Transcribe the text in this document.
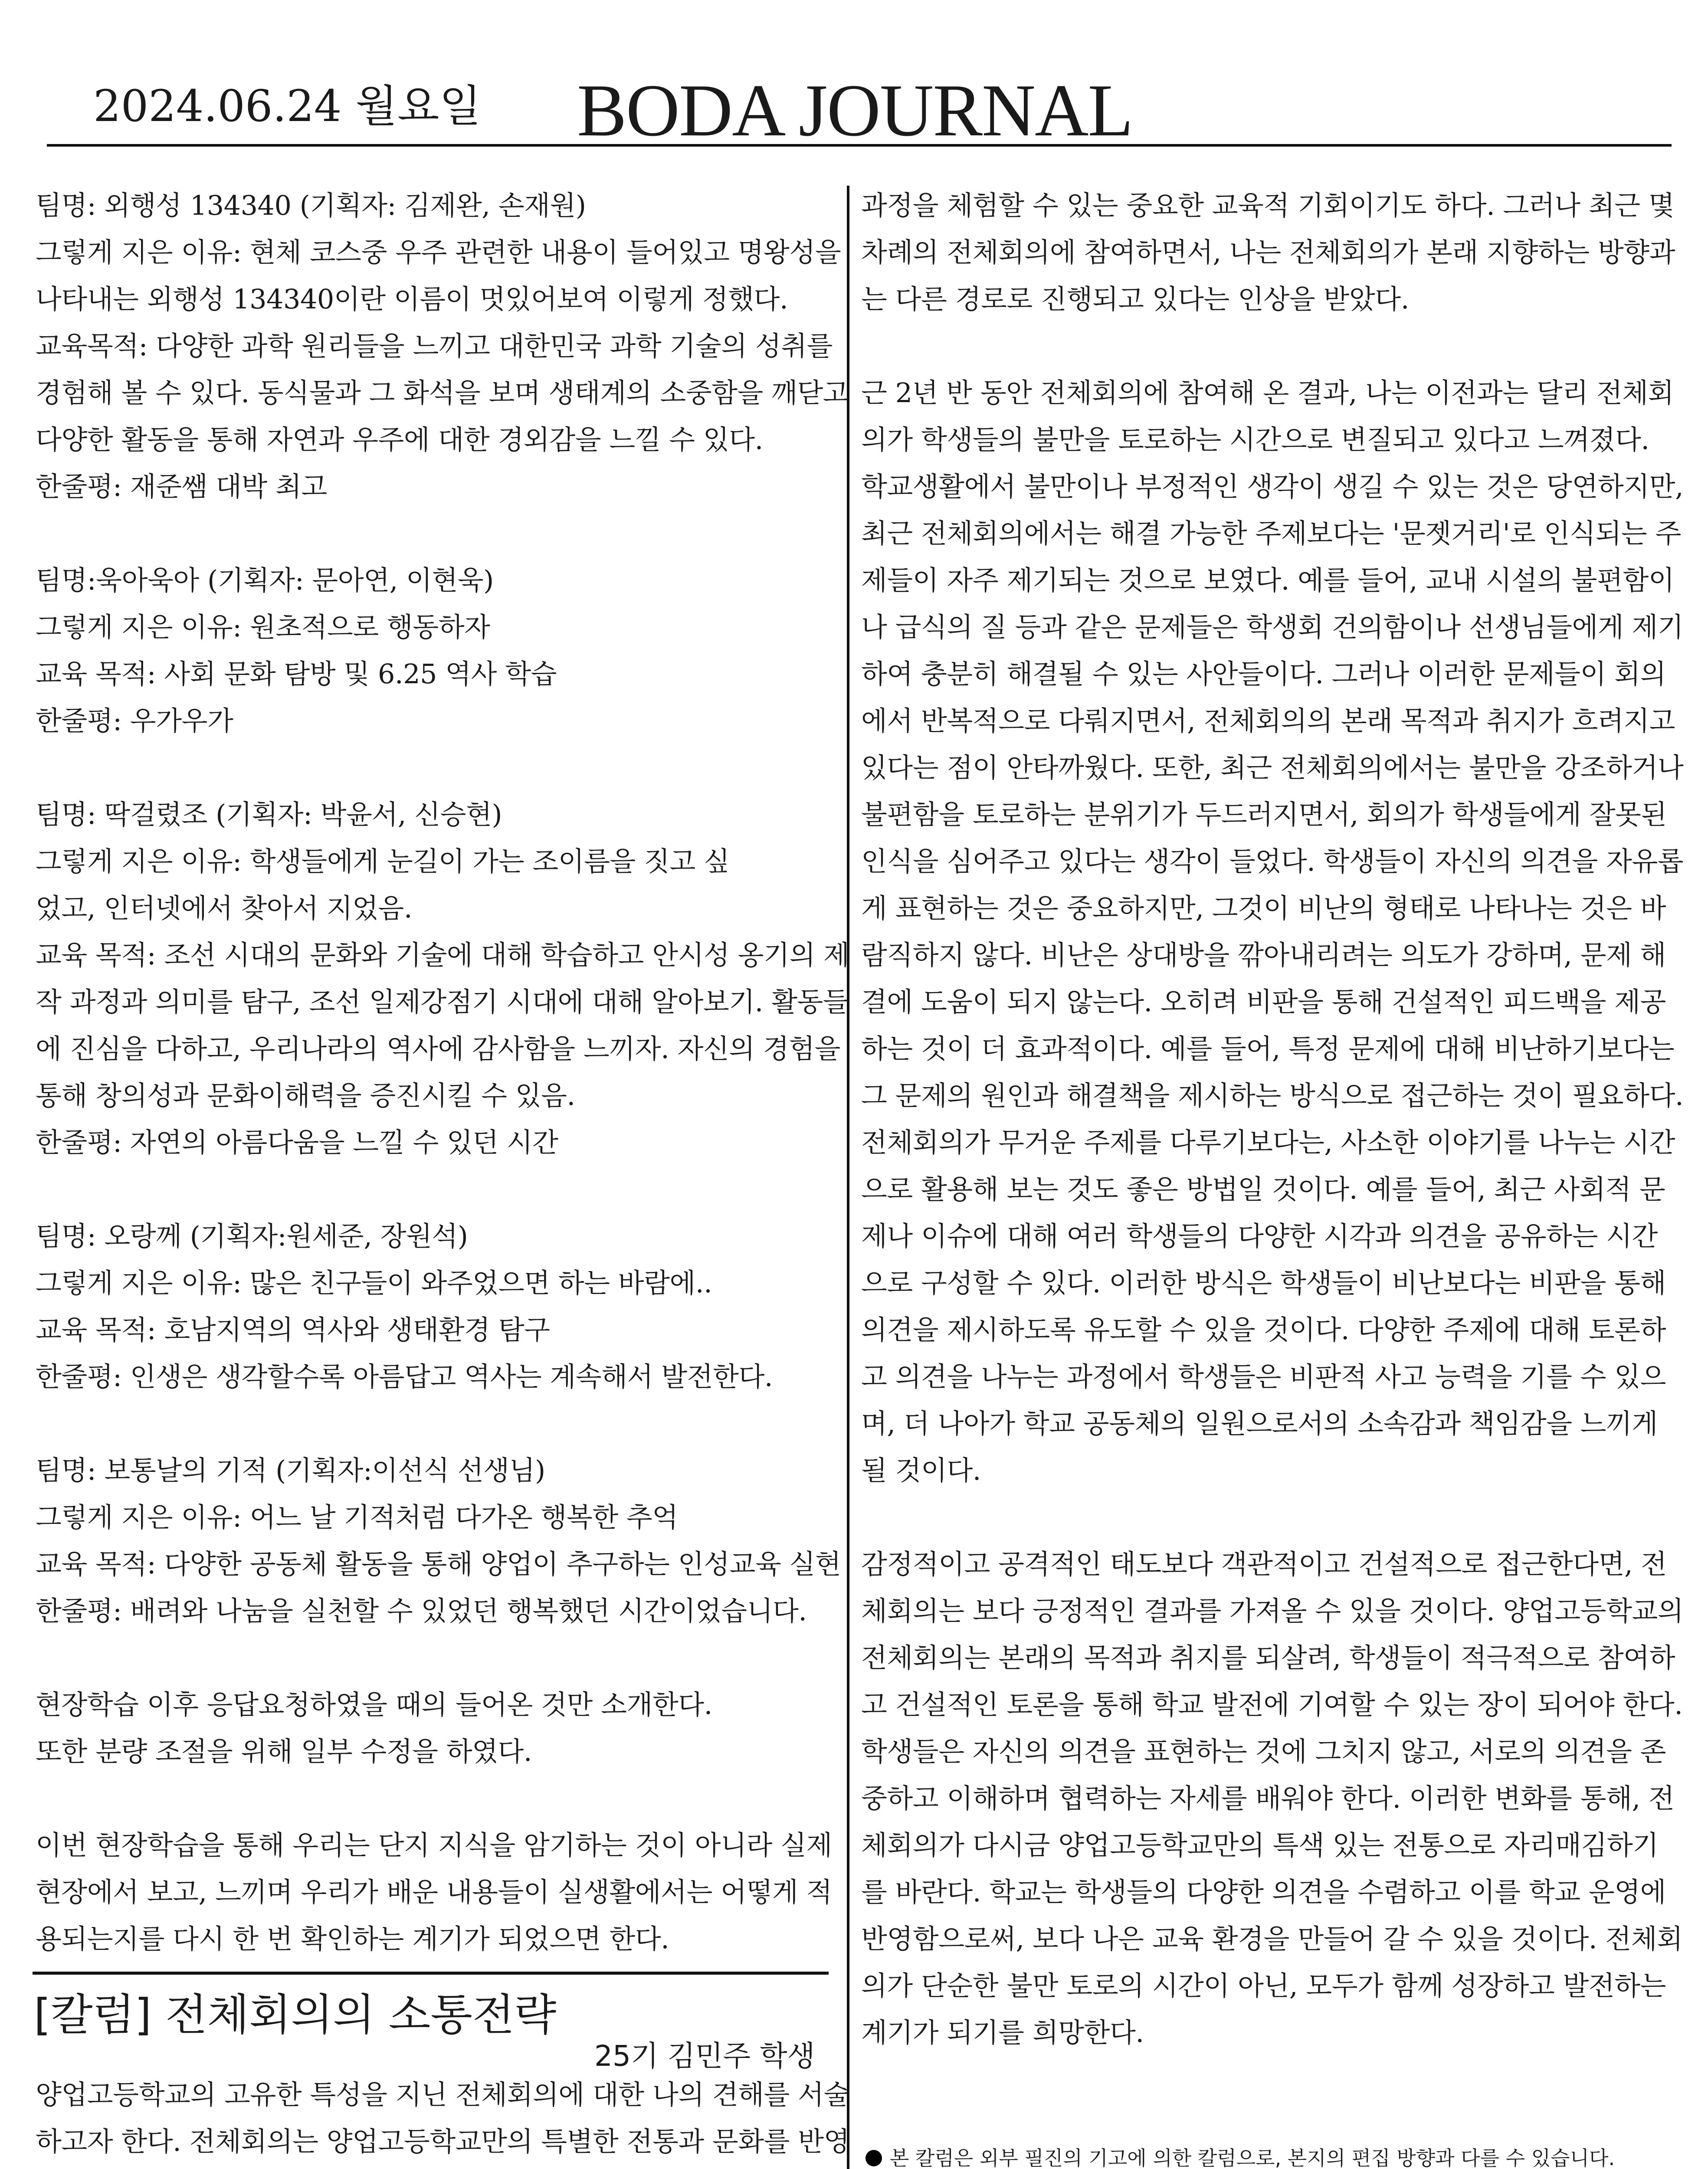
2024.06.24 월요일 BODA JOURNAL

팀명: 외행성 134340 (기획자: 김제완, 손재원)

그렇게 지은 이유: 현체 코스중 우주 관련한 내용이 들어있고 명왕성을

나타내는 외행성 134340이란 이름이 멋있어보여 이렇게 정했다.

교육목적: 다양한 과학 원리들을 느끼고 대한민국 과학 기술의 성취를

경험해 볼 수 있다. 동식물과 그 화석을 보며 생태계의 소중함을 깨닫고

다양한 활동을 통해 자연과 우주에 대한 경외감을 느낄 수 있다.

한줄평: 재준쌤 대박 최고

팀명:욱아욱아 (기획자: 문아연, 이현욱)

그렇게 지은 이유: 원초적으로 행동하자

교육 목적: 사회 문화 탐방 및 6.25 역사 학습

한줄평: 우가우가

팀명: 딱걸렸조 (기획자: 박윤서, 신승현)

그렇게 지은 이유: 학생들에게 눈길이 가는 조이름을 짓고 싶

었고, 인터넷에서 찾아서 지었음.

교육 목적: 조선 시대의 문화와 기술에 대해 학습하고 안시성 옹기의 제

작 과정과 의미를 탐구, 조선 일제강점기 시대에 대해 알아보기. 활동들

에 진심을 다하고, 우리나라의 역사에 감사함을 느끼자. 자신의 경험을

통해 창의성과 문화이해력을 증진시킬 수 있음.

한줄평: 자연의 아름다움을 느낄 수 있던 시간

팀명: 오랑께 (기획자:원세준, 장원석)

그렇게 지은 이유: 많은 친구들이 와주었으면 하는 바람에..

교육 목적: 호남지역의 역사와 생태환경 탐구

한줄평: 인생은 생각할수록 아름답고 역사는 계속해서 발전한다.

팀명: 보통날의 기적 (기획자:이선식 선생님)

그렇게 지은 이유: 어느 날 기적처럼 다가온 행복한 추억

교육 목적: 다양한 공동체 활동을 통해 양업이 추구하는 인성교육 실현

한줄평: 배려와 나눔을 실천할 수 있었던 행복했던 시간이었습니다.

현장학습 이후 응답요청하였을 때의 들어온 것만 소개한다.

또한 분량 조절을 위해 일부 수정을 하였다.

이번 현장학습을 통해 우리는 단지 지식을 암기하는 것이 아니라 실제

현장에서 보고, 느끼며 우리가 배운 내용들이 실생활에서는 어떻게 적

용되는지를 다시 한 번 확인하는 계기가 되었으면 한다.

[칼럼] 전체회의의 소통전략
25기 김민주 학생

양업고등학교의 고유한 특성을 지닌 전체회의에 대한 나의 견해를 서술

하고자 한다. 전체회의는 양업고등학교만의 특별한 전통과 문화를 반영

과정을 체험할 수 있는 중요한 교육적 기회이기도 하다. 그러나 최근 몇

차례의 전체회의에 참여하면서, 나는 전체회의가 본래 지향하는 방향과

는 다른 경로로 진행되고 있다는 인상을 받았다.

근 2년 반 동안 전체회의에 참여해 온 결과, 나는 이전과는 달리 전체회

의가 학생들의 불만을 토로하는 시간으로 변질되고 있다고 느껴졌다.

학교생활에서 불만이나 부정적인 생각이 생길 수 있는 것은 당연하지만,

최근 전체회의에서는 해결 가능한 주제보다는 '문젯거리'로 인식되는 주

제들이 자주 제기되는 것으로 보였다. 예를 들어, 교내 시설의 불편함이

나 급식의 질 등과 같은 문제들은 학생회 건의함이나 선생님들에게 제기

하여 충분히 해결될 수 있는 사안들이다. 그러나 이러한 문제들이 회의

에서 반복적으로 다뤄지면서, 전체회의의 본래 목적과 취지가 흐려지고

있다는 점이 안타까웠다. 또한, 최근 전체회의에서는 불만을 강조하거나

불편함을 토로하는 분위기가 두드러지면서, 회의가 학생들에게 잘못된

인식을 심어주고 있다는 생각이 들었다. 학생들이 자신의 의견을 자유롭

게 표현하는 것은 중요하지만, 그것이 비난의 형태로 나타나는 것은 바

람직하지 않다. 비난은 상대방을 깎아내리려는 의도가 강하며, 문제 해

결에 도움이 되지 않는다. 오히려 비판을 통해 건설적인 피드백을 제공

하는 것이 더 효과적이다. 예를 들어, 특정 문제에 대해 비난하기보다는

그 문제의 원인과 해결책을 제시하는 방식으로 접근하는 것이 필요하다.

전체회의가 무거운 주제를 다루기보다는, 사소한 이야기를 나누는 시간

으로 활용해 보는 것도 좋은 방법일 것이다. 예를 들어, 최근 사회적 문

제나 이슈에 대해 여러 학생들의 다양한 시각과 의견을 공유하는 시간

으로 구성할 수 있다. 이러한 방식은 학생들이 비난보다는 비판을 통해

의견을 제시하도록 유도할 수 있을 것이다. 다양한 주제에 대해 토론하

고 의견을 나누는 과정에서 학생들은 비판적 사고 능력을 기를 수 있으

며, 더 나아가 학교 공동체의 일원으로서의 소속감과 책임감을 느끼게

될 것이다.

감정적이고 공격적인 태도보다 객관적이고 건설적으로 접근한다면, 전

체회의는 보다 긍정적인 결과를 가져올 수 있을 것이다. 양업고등학교의

전체회의는 본래의 목적과 취지를 되살려, 학생들이 적극적으로 참여하

고 건설적인 토론을 통해 학교 발전에 기여할 수 있는 장이 되어야 한다.

학생들은 자신의 의견을 표현하는 것에 그치지 않고, 서로의 의견을 존

중하고 이해하며 협력하는 자세를 배워야 한다. 이러한 변화를 통해, 전

체회의가 다시금 양업고등학교만의 특색 있는 전통으로 자리매김하기

를 바란다. 학교는 학생들의 다양한 의견을 수렴하고 이를 학교 운영에

반영함으로써, 보다 나은 교육 환경을 만들어 갈 수 있을 것이다. 전체회

의가 단순한 불만 토로의 시간이 아닌, 모두가 함께 성장하고 발전하는

계기가 되기를 희망한다.

본 칼럼은 외부 필진의 기고에 의한 칼럼으로, 본지의 편집 방향과 다를 수 있습니다.
